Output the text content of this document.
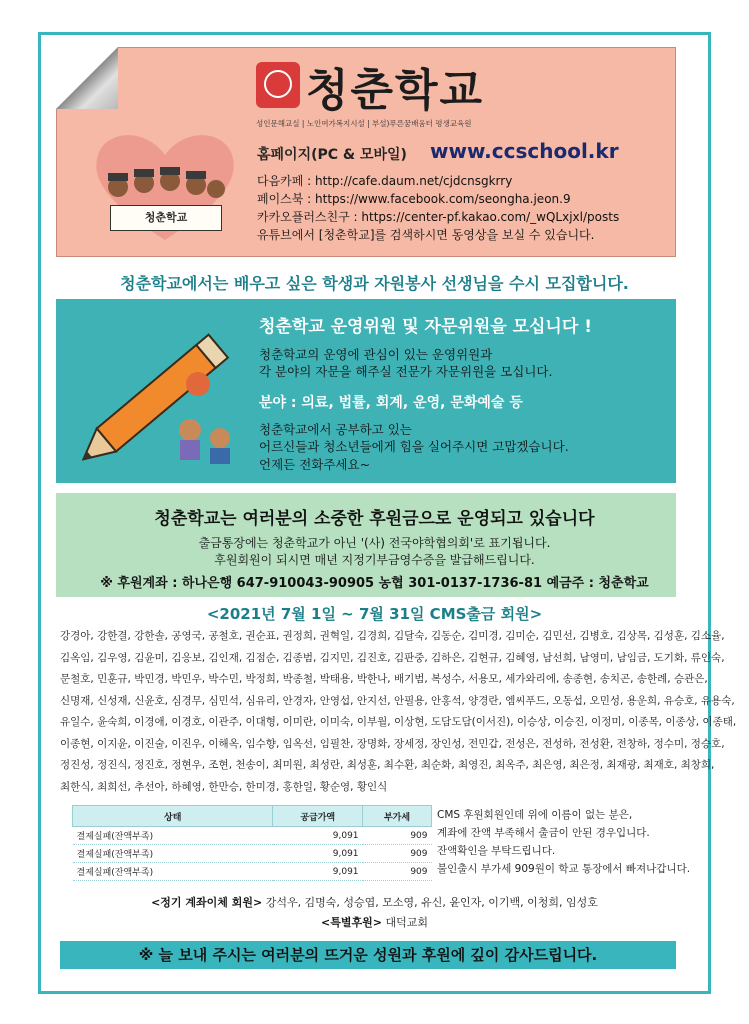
청춘학교
성인문해교실 | 노인여가복지시설 | 부설)푸른꿈배움터 평생교육원
청춘학교
홈페이지(PC & 모바일) www.ccschool.kr
다음카페 : http://cafe.daum.net/cjdcnsgkrry
페이스북 : https://www.facebook.com/seongha.jeon.9
카카오플러스친구 : https://center-pf.kakao.com/_wQLxjxl/posts
유튜브에서 [청춘학교]를 검색하시면 동영상을 보실 수 있습니다.
청춘학교에서는 배우고 싶은 학생과 자원봉사 선생님을 수시 모집합니다.
청춘학교 운영위원 및 자문위원을 모십니다 !
청춘학교의 운영에 관심이 있는 운영위원과
각 분야의 자문을 해주실 전문가 자문위원을 모십니다.
분야 : 의료, 법률, 회계, 운영, 문화예술 등
청춘학교에서 공부하고 있는
어르신들과 청소년들에게 힘을 실어주시면 고맙겠습니다.
언제든 전화주세요~
청춘학교는 여러분의 소중한 후원금으로 운영되고 있습니다
출금통장에는 청춘학교가 아닌 '(사) 전국야학협의회'로 표기됩니다.
후원회원이 되시면 매년 지정기부금영수증을 발급해드립니다.
※ 후원계좌 : 하나은행 647-910043-90905 농협 301-0137-1736-81 예금주 : 청춘학교
<2021년 7월 1일 ~ 7월 31일 CMS출금 회원>
강경아, 강한결, 강한솔, 공영국, 공철호, 권순표, 권정희, 권혁일, 김경희, 김달숙, 김동순, 김미경, 김미순, 김민선, 김병호, 김상목, 김성훈, 김소율,
김옥임, 김우영, 김윤미, 김응보, 김인재, 김점순, 김종범, 김지민, 김진호, 김판중, 김하은, 김현규, 김혜영, 남선희, 남영미, 남임금, 도기화, 류인숙,
문철호, 민훈규, 박민경, 박민우, 박수민, 박정희, 박종철, 박태용, 박한나, 배기범, 복성수, 서용모, 세가와리에, 송종현, 송치곤, 송한례, 승관은,
신명재, 신성재, 신윤호, 심경무, 심민석, 심유리, 안경자, 안영섭, 안지선, 안필용, 안홍석, 양경란, 엠씨푸드, 오동섭, 오민성, 용운희, 유승호, 유용숙,
유일수, 윤숙희, 이경애, 이경호, 이관주, 이대형, 이미란, 이미숙, 이부월, 이상현, 도담도담(이서진), 이승상, 이승진, 이정미, 이종목, 이종상, 이종태,
이종현, 이지윤, 이진술, 이진우, 이해옥, 임수향, 임옥선, 임필찬, 장명화, 장세정, 장인성, 전민갑, 전성은, 전성하, 전성환, 전창하, 정수미, 정승호,
정진성, 정진식, 정진호, 정현우, 조현, 천송이, 최미원, 최성란, 최성훈, 최수환, 최순화, 최영진, 최옥주, 최은영, 최은정, 최재광, 최재호, 최창희,
최한식, 최희선, 추선아, 하혜영, 한만승, 한미경, 홍한일, 황순영, 황인식
상태	공급가액	부가세
결제실패(잔액부족)	9,091	909
결제실패(잔액부족)	9,091	909
결제실패(잔액부족)	9,091	909
CMS 후원회원인데 위에 이름이 없는 분은,
계좌에 잔액 부족해서 출금이 안된 경우입니다.
잔액확인을 부탁드립니다.
불인출시 부가세 909원이 학교 통장에서 빠져나갑니다.
<정기 계좌이체 회원> 강석우, 김명숙, 성승엽, 모소영, 유신, 윤인자, 이기백, 이청희, 임성호
<특별후원> 대덕교회
※ 늘 보내 주시는 여러분의 뜨거운 성원과 후원에 깊이 감사드립니다.
